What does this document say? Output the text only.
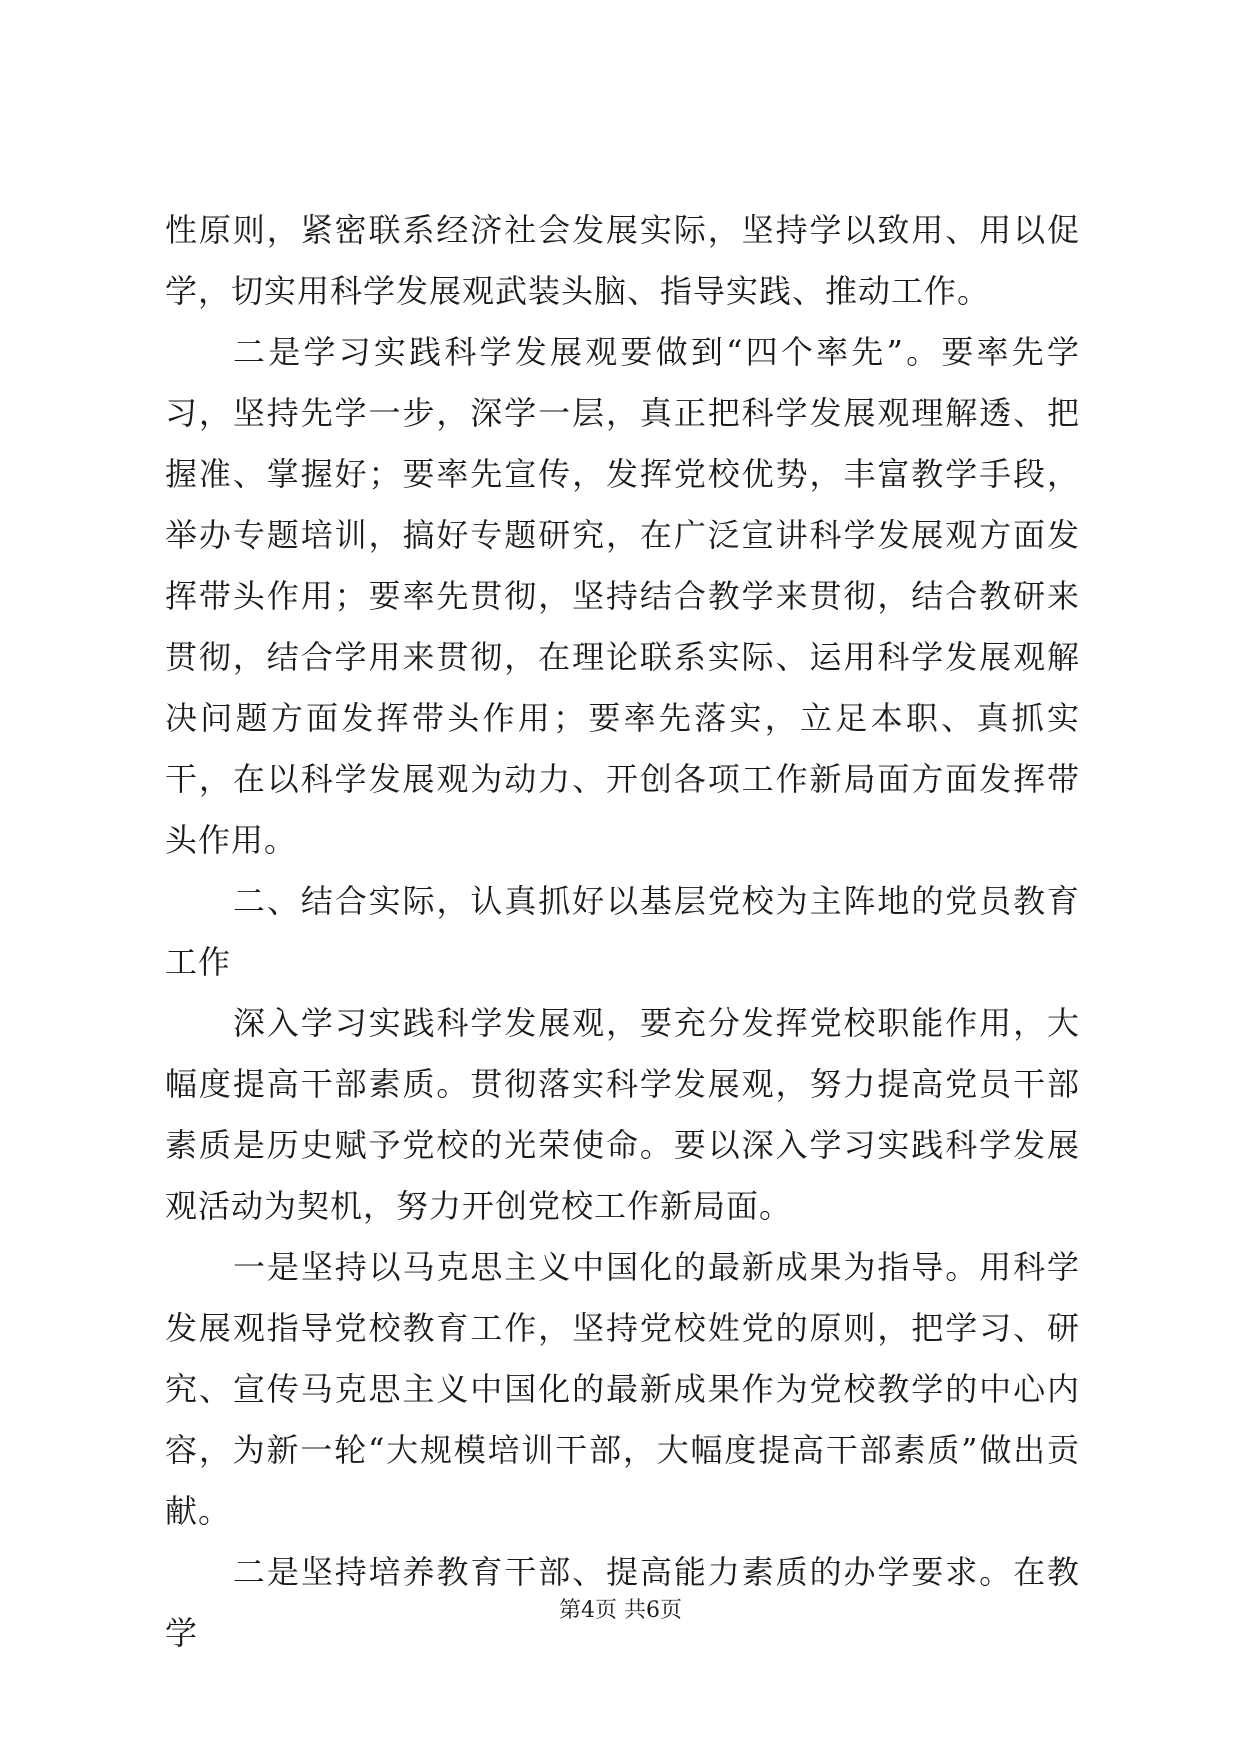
性原则，紧密联系经济社会发展实际，坚持学以致用、用以促学，切实用科学发展观武装头脑、指导实践、推动工作。

二是学习实践科学发展观要做到“四个率先”。要率先学习，坚持先学一步，深学一层，真正把科学发展观理解透、把握准、掌握好；要率先宣传，发挥党校优势，丰富教学手段，举办专题培训，搞好专题研究，在广泛宣讲科学发展观方面发挥带头作用；要率先贯彻，坚持结合教学来贯彻，结合教研来贯彻，结合学用来贯彻，在理论联系实际、运用科学发展观解决问题方面发挥带头作用；要率先落实，立足本职、真抓实干，在以科学发展观为动力、开创各项工作新局面方面发挥带头作用。

二、结合实际，认真抓好以基层党校为主阵地的党员教育工作

深入学习实践科学发展观，要充分发挥党校职能作用，大幅度提高干部素质。贯彻落实科学发展观，努力提高党员干部素质是历史赋予党校的光荣使命。要以深入学习实践科学发展观活动为契机，努力开创党校工作新局面。

一是坚持以马克思主义中国化的最新成果为指导。用科学发展观指导党校教育工作，坚持党校姓党的原则，把学习、研究、宣传马克思主义中国化的最新成果作为党校教学的中心内容，为新一轮“大规模培训干部，大幅度提高干部素质”做出贡献。

二是坚持培养教育干部、提高能力素质的办学要求。在教学

第4页 共6页
